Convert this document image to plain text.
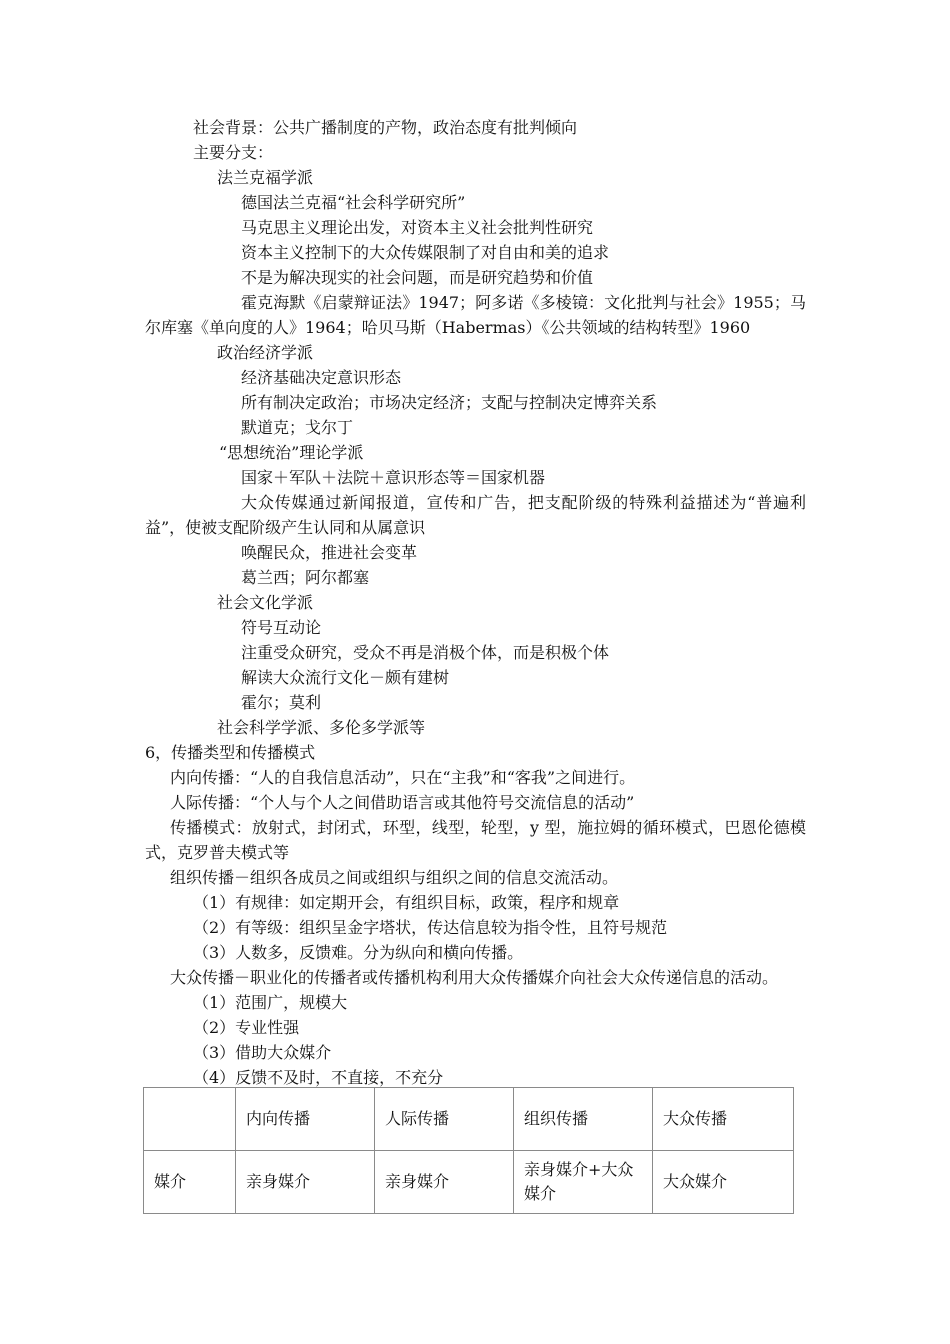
社会背景：公共广播制度的产物，政治态度有批判倾向
主要分支：
法兰克福学派
德国法兰克福“社会科学研究所”
马克思主义理论出发，对资本主义社会批判性研究
资本主义控制下的大众传媒限制了对自由和美的追求
不是为解决现实的社会问题，而是研究趋势和价值
霍克海默《启蒙辩证法》1947；阿多诺《多棱镜：文化批判与社会》1955；马
尔库塞《单向度的人》1964；哈贝马斯（Habermas）《公共领域的结构转型》1960
政治经济学派
经济基础决定意识形态
所有制决定政治；市场决定经济；支配与控制决定博弈关系
默道克；戈尔丁
“思想统治”理论学派
国家＋军队＋法院＋意识形态等＝国家机器
大众传媒通过新闻报道，宣传和广告，把支配阶级的特殊利益描述为“普遍利
益”，使被支配阶级产生认同和从属意识
唤醒民众，推进社会变革
葛兰西；阿尔都塞
社会文化学派
符号互动论
注重受众研究，受众不再是消极个体，而是积极个体
解读大众流行文化－颇有建树
霍尔；莫利
社会科学学派、多伦多学派等
6，传播类型和传播模式
内向传播：“人的自我信息活动”，只在“主我”和“客我”之间进行。
人际传播：“个人与个人之间借助语言或其他符号交流信息的活动”
传播模式：放射式，封闭式，环型，线型，轮型，y 型，施拉姆的循环模式，巴恩伦德模
式，克罗普夫模式等
组织传播－组织各成员之间或组织与组织之间的信息交流活动。
（1）有规律：如定期开会，有组织目标，政策，程序和规章
（2）有等级：组织呈金字塔状，传达信息较为指令性，且符号规范
（3）人数多，反馈难。分为纵向和横向传播。
大众传播－职业化的传播者或传播机构利用大众传播媒介向社会大众传递信息的活动。
（1）范围广，规模大
（2）专业性强
（3）借助大众媒介
（4）反馈不及时，不直接，不充分
	内向传播	人际传播	组织传播	大众传播
媒介	亲身媒介	亲身媒介	亲身媒介+大众媒介	大众媒介
